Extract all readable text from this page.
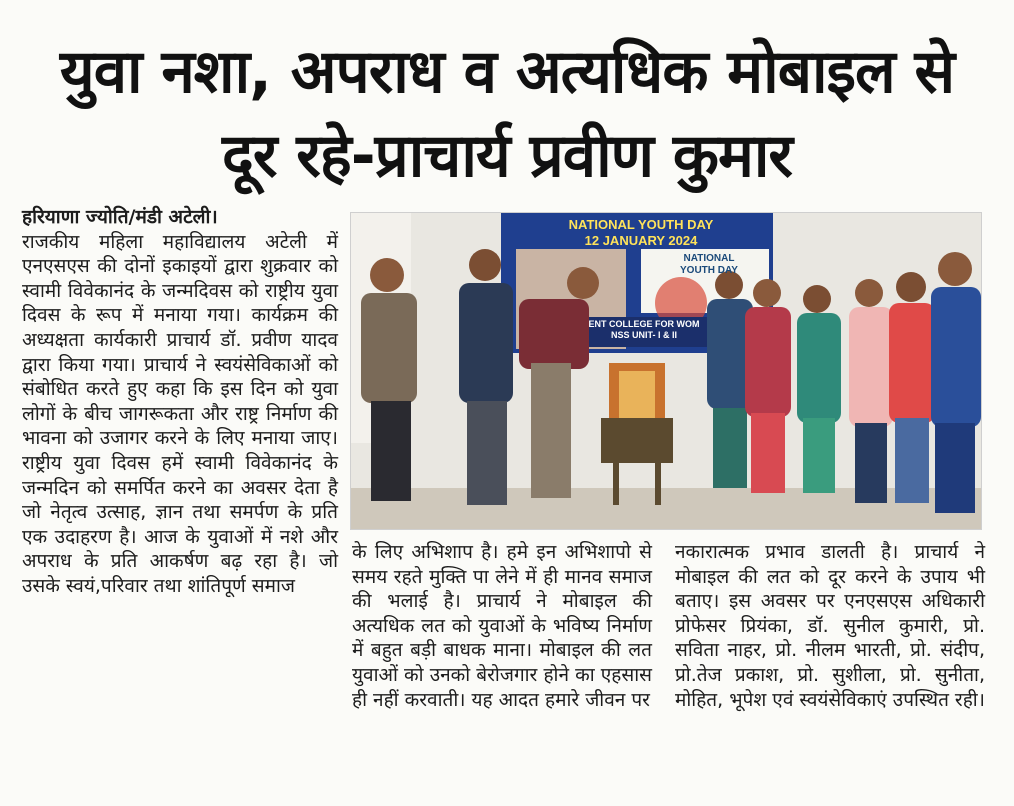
युवा नशा, अपराध व अत्यधिक मोबाइल से
दूर रहे-प्राचार्य प्रवीण कुमार

हरियाणा ज्योति/मंडी अटेली।
राजकीय महिला महाविद्यालय अटेली में एनएसएस की दोनों इकाइयों द्वारा शुक्रवार को स्वामी विवेकानंद के जन्मदिवस को राष्ट्रीय युवा दिवस के रूप में मनाया गया। कार्यक्रम की अध्यक्षता कार्यकारी प्राचार्य डॉ. प्रवीण यादव द्वारा किया गया। प्राचार्य ने स्वयंसेविकाओं को संबोधित करते हुए कहा कि इस दिन को युवा लोगों के बीच जागरूकता और राष्ट्र निर्माण की भावना को उजागर करने के लिए मनाया जाए। राष्ट्रीय युवा दिवस हमें स्वामी विवेकानंद के जन्मदिन को समर्पित करने का अवसर देता है जो नेतृत्व उत्साह, ज्ञान तथा समर्पण के प्रति एक उदाहरण है। आज के युवाओं में नशे और अपराध के प्रति आकर्षण बढ़ रहा है। जो उसके स्वयं,परिवार तथा शांतिपूर्ण समाज

NATIONAL YOUTH DAY
12 JANUARY 2024
NATIONAL
YOUTH DAY
ENT COLLEGE FOR WOM
NSS UNIT- I & II

के लिए अभिशाप है। हमे इन अभिशापो से समय रहते मुक्ति पा लेने में ही मानव समाज की भलाई है। प्राचार्य ने मोबाइल की अत्यधिक लत को युवाओं के भविष्य निर्माण में बहुत बड़ी बाधक माना। मोबाइल की लत युवाओं को उनको बेरोजगार होने का एहसास ही नहीं करवाती। यह आदत हमारे जीवन पर

नकारात्मक प्रभाव डालती है। प्राचार्य ने मोबाइल की लत को दूर करने के उपाय भी बताए। इस अवसर पर एनएसएस अधिकारी प्रोफेसर प्रियंका, डॉ. सुनील कुमारी, प्रो. सविता नाहर, प्रो. नीलम भारती, प्रो. संदीप, प्रो.तेज प्रकाश, प्रो. सुशीला, प्रो. सुनीता, मोहित, भूपेश एवं स्वयंसेविकाएं उपस्थित रही।
